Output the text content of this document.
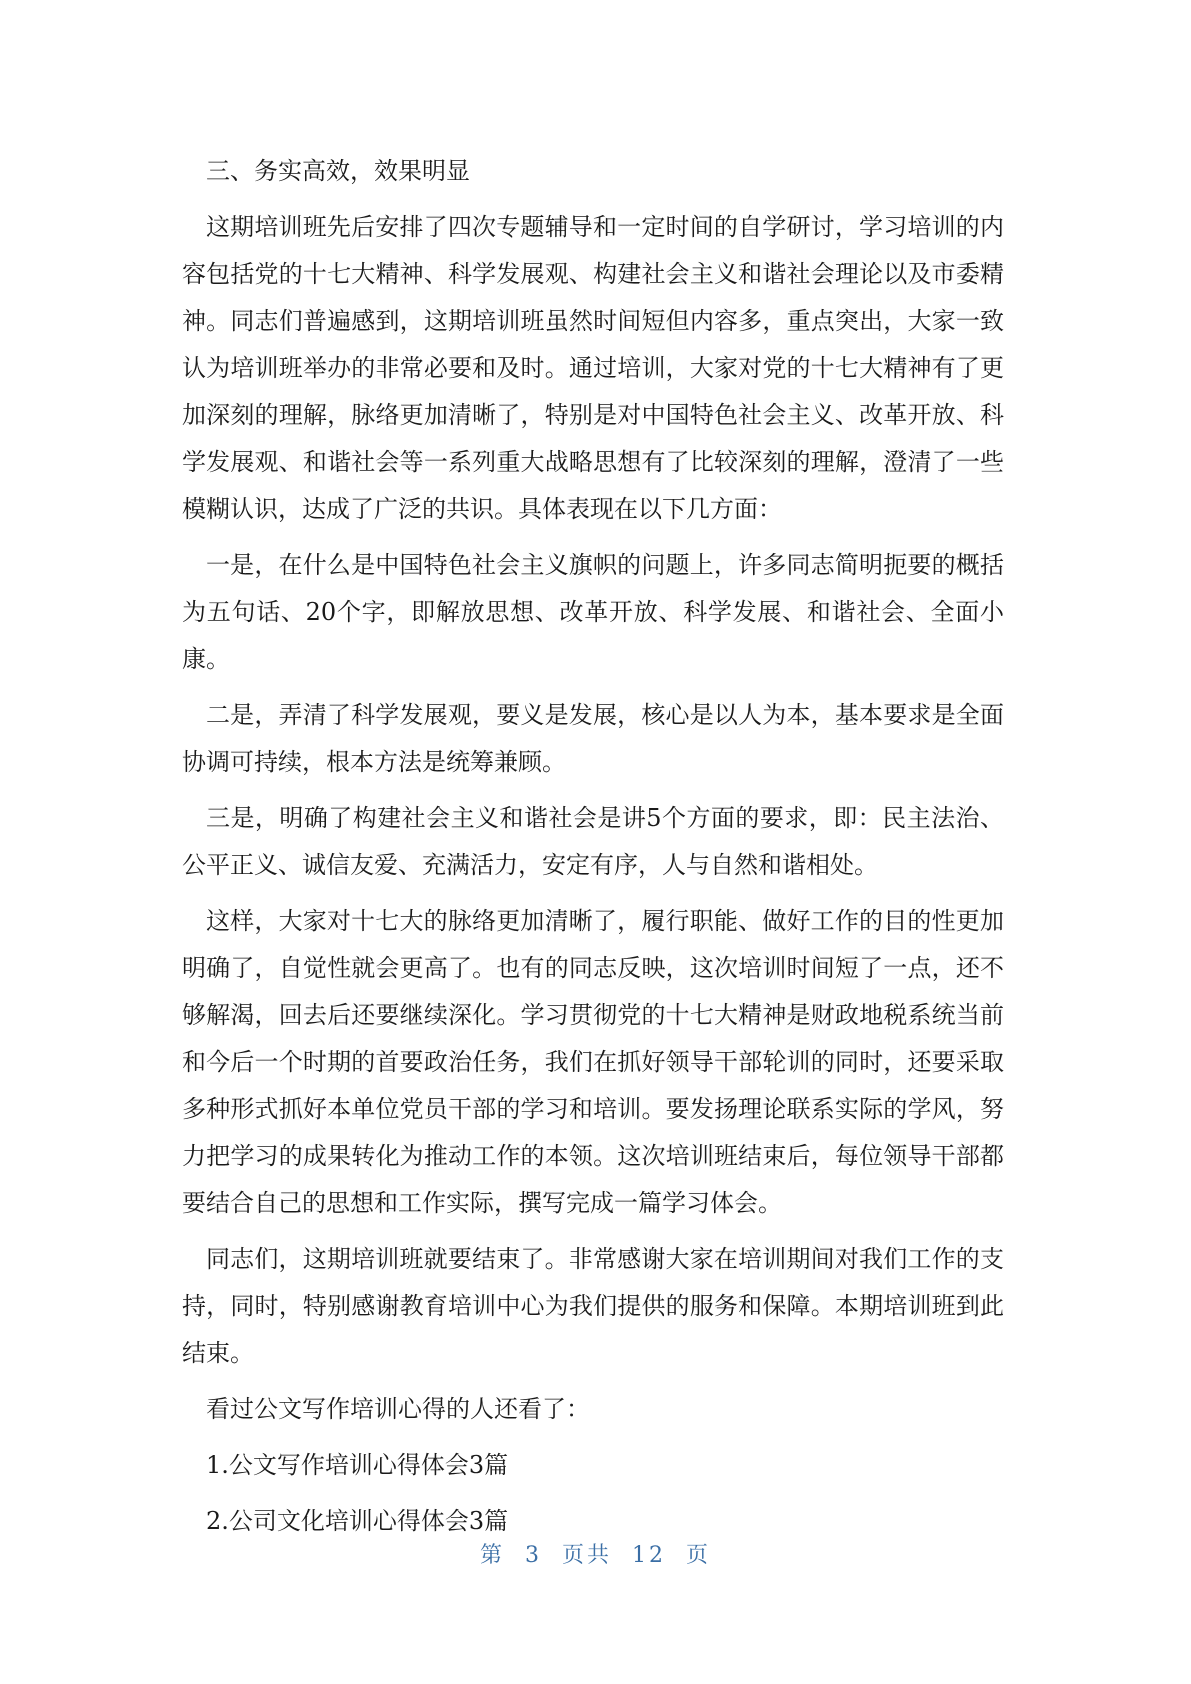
三、务实高效，效果明显

这期培训班先后安排了四次专题辅导和一定时间的自学研讨，学习培训的内容包括党的十七大精神、科学发展观、构建社会主义和谐社会理论以及市委精神。同志们普遍感到，这期培训班虽然时间短但内容多，重点突出，大家一致认为培训班举办的非常必要和及时。通过培训，大家对党的十七大精神有了更加深刻的理解，脉络更加清晰了，特别是对中国特色社会主义、改革开放、科学发展观、和谐社会等一系列重大战略思想有了比较深刻的理解，澄清了一些模糊认识，达成了广泛的共识。具体表现在以下几方面：

一是，在什么是中国特色社会主义旗帜的问题上，许多同志简明扼要的概括为五句话、20个字，即解放思想、改革开放、科学发展、和谐社会、全面小康。

二是，弄清了科学发展观，要义是发展，核心是以人为本，基本要求是全面协调可持续，根本方法是统筹兼顾。

三是，明确了构建社会主义和谐社会是讲5个方面的要求，即：民主法治、公平正义、诚信友爱、充满活力，安定有序，人与自然和谐相处。

这样，大家对十七大的脉络更加清晰了，履行职能、做好工作的目的性更加明确了，自觉性就会更高了。也有的同志反映，这次培训时间短了一点，还不够解渴，回去后还要继续深化。学习贯彻党的十七大精神是财政地税系统当前和今后一个时期的首要政治任务，我们在抓好领导干部轮训的同时，还要采取多种形式抓好本单位党员干部的学习和培训。要发扬理论联系实际的学风，努力把学习的成果转化为推动工作的本领。这次培训班结束后，每位领导干部都要结合自己的思想和工作实际，撰写完成一篇学习体会。

同志们，这期培训班就要结束了。非常感谢大家在培训期间对我们工作的支持，同时，特别感谢教育培训中心为我们提供的服务和保障。本期培训班到此结束。

看过公文写作培训心得的人还看了：

1.公文写作培训心得体会3篇

2.公司文化培训心得体会3篇

第 3 页共 12 页
